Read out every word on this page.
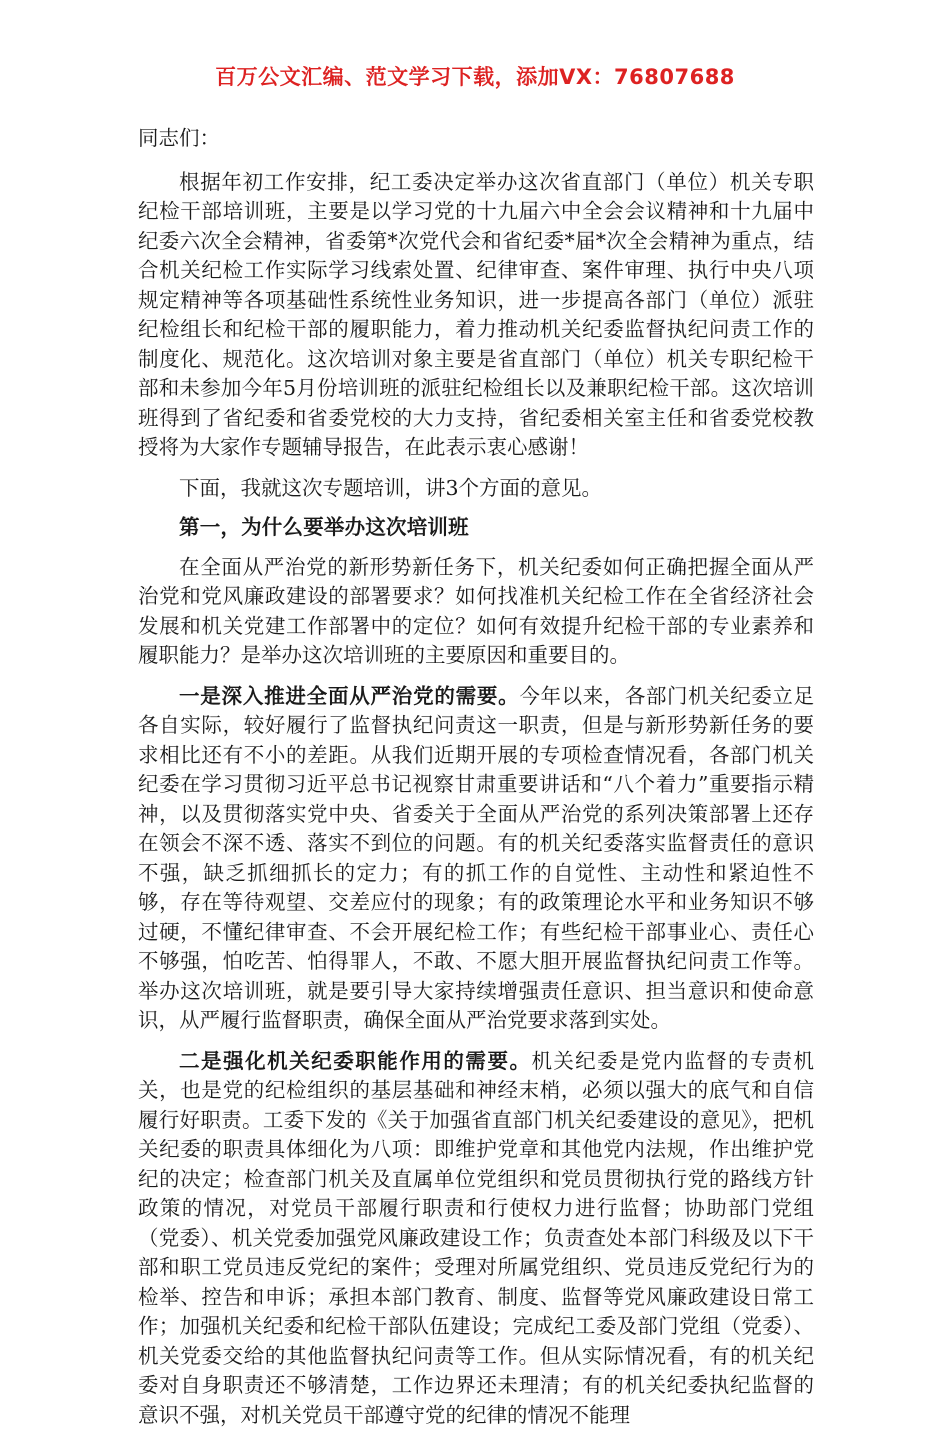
百万公文汇编、范文学习下载，添加VX：76807688

同志们：

根据年初工作安排，纪工委决定举办这次省直部门（单位）机关专职纪检干部培训班，主要是以学习党的十九届六中全会会议精神和十九届中纪委六次全会精神，省委第*次党代会和省纪委*届*次全会精神为重点，结合机关纪检工作实际学习线索处置、纪律审查、案件审理、执行中央八项规定精神等各项基础性系统性业务知识，进一步提高各部门（单位）派驻纪检组长和纪检干部的履职能力，着力推动机关纪委监督执纪问责工作的制度化、规范化。这次培训对象主要是省直部门（单位）机关专职纪检干部和未参加今年5月份培训班的派驻纪检组长以及兼职纪检干部。这次培训班得到了省纪委和省委党校的大力支持，省纪委相关室主任和省委党校教授将为大家作专题辅导报告，在此表示衷心感谢！

下面，我就这次专题培训，讲3个方面的意见。

第一，为什么要举办这次培训班

在全面从严治党的新形势新任务下，机关纪委如何正确把握全面从严治党和党风廉政建设的部署要求？如何找准机关纪检工作在全省经济社会发展和机关党建工作部署中的定位？如何有效提升纪检干部的专业素养和履职能力？是举办这次培训班的主要原因和重要目的。

一是深入推进全面从严治党的需要。今年以来，各部门机关纪委立足各自实际，较好履行了监督执纪问责这一职责，但是与新形势新任务的要求相比还有不小的差距。从我们近期开展的专项检查情况看，各部门机关纪委在学习贯彻习近平总书记视察甘肃重要讲话和“八个着力”重要指示精神，以及贯彻落实党中央、省委关于全面从严治党的系列决策部署上还存在领会不深不透、落实不到位的问题。有的机关纪委落实监督责任的意识不强，缺乏抓细抓长的定力；有的抓工作的自觉性、主动性和紧迫性不够，存在等待观望、交差应付的现象；有的政策理论水平和业务知识不够过硬，不懂纪律审查、不会开展纪检工作；有些纪检干部事业心、责任心不够强，怕吃苦、怕得罪人，不敢、不愿大胆开展监督执纪问责工作等。举办这次培训班，就是要引导大家持续增强责任意识、担当意识和使命意识，从严履行监督职责，确保全面从严治党要求落到实处。

二是强化机关纪委职能作用的需要。机关纪委是党内监督的专责机关，也是党的纪检组织的基层基础和神经末梢，必须以强大的底气和自信履行好职责。工委下发的《关于加强省直部门机关纪委建设的意见》，把机关纪委的职责具体细化为八项：即维护党章和其他党内法规，作出维护党纪的决定；检查部门机关及直属单位党组织和党员贯彻执行党的路线方针政策的情况，对党员干部履行职责和行使权力进行监督；协助部门党组（党委）、机关党委加强党风廉政建设工作；负责查处本部门科级及以下干部和职工党员违反党纪的案件；受理对所属党组织、党员违反党纪行为的检举、控告和申诉；承担本部门教育、制度、监督等党风廉政建设日常工作；加强机关纪委和纪检干部队伍建设；完成纪工委及部门党组（党委）、机关党委交给的其他监督执纪问责等工作。但从实际情况看，有的机关纪委对自身职责还不够清楚，工作边界还未理清；有的机关纪委执纪监督的意识不强，对机关党员干部遵守党的纪律的情况不能理
